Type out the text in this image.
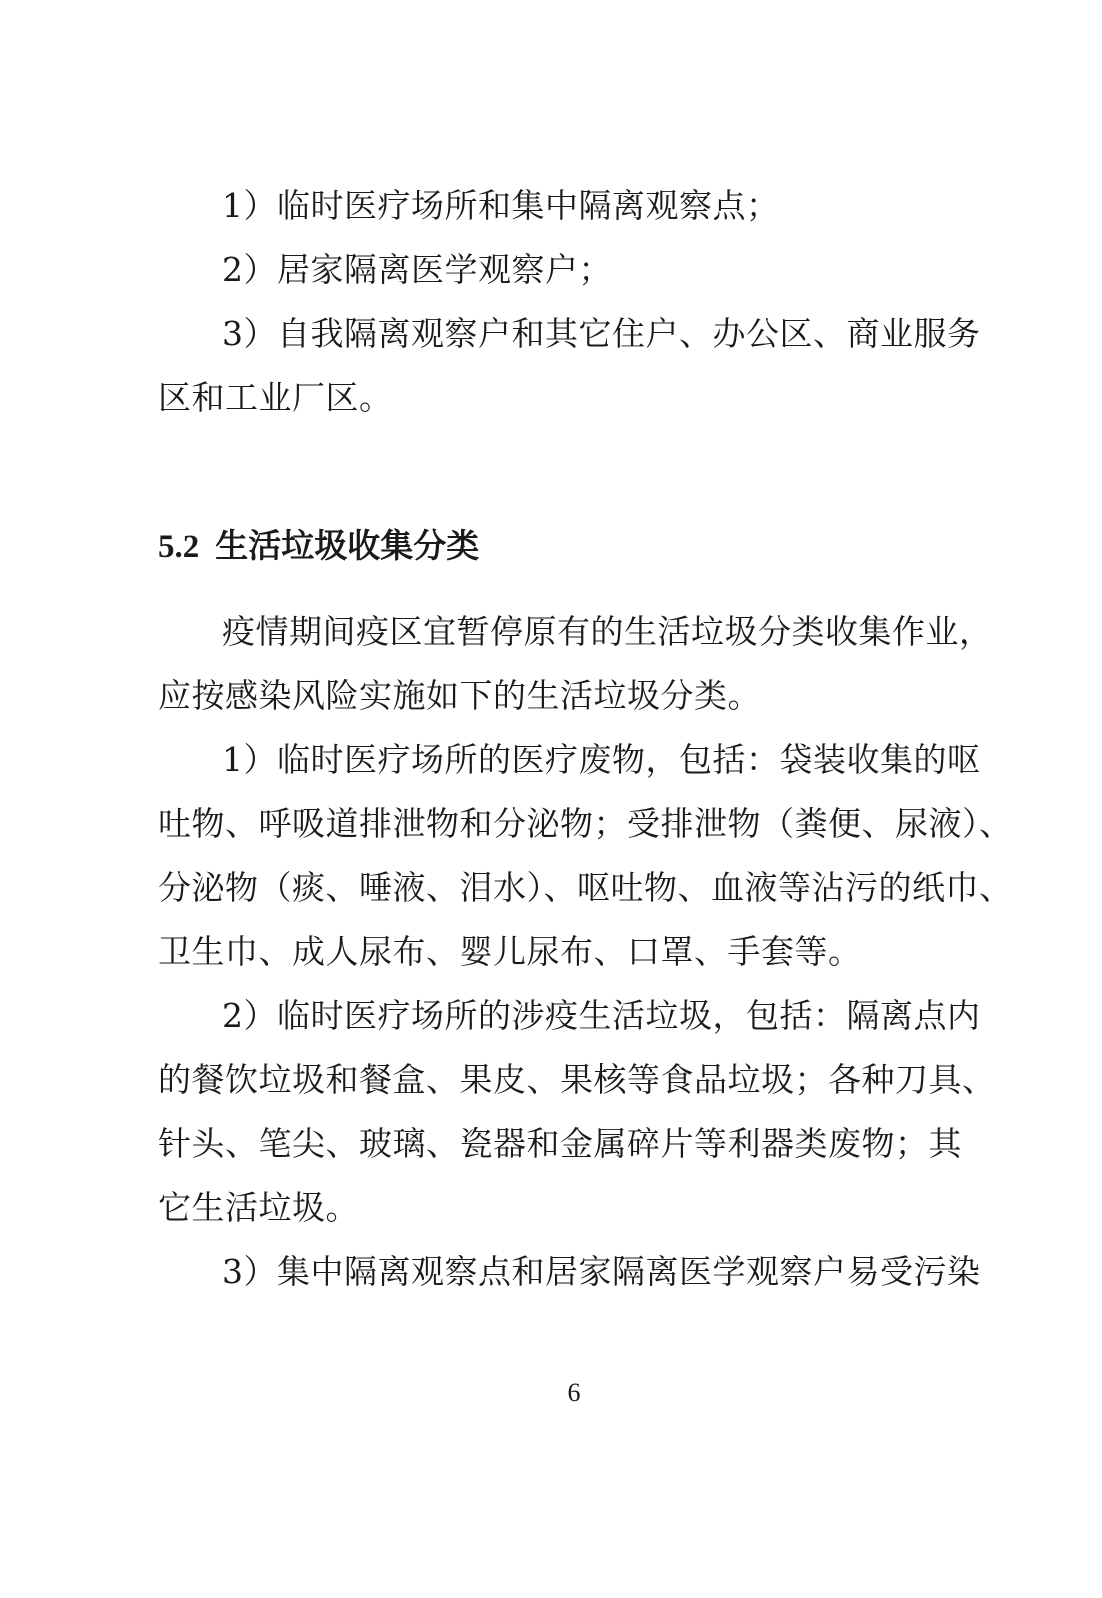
1）临时医疗场所和集中隔离观察点；
2）居家隔离医学观察户；
3）自我隔离观察户和其它住户、办公区、商业服务
区和工业厂区。
5.2 生活垃圾收集分类
疫情期间疫区宜暂停原有的生活垃圾分类收集作业，
应按感染风险实施如下的生活垃圾分类。
1）临时医疗场所的医疗废物，包括：袋装收集的呕
吐物、呼吸道排泄物和分泌物；受排泄物（粪便、尿液）、
分泌物（痰、唾液、泪水）、呕吐物、血液等沾污的纸巾、
卫生巾、成人尿布、婴儿尿布、口罩、手套等。
2）临时医疗场所的涉疫生活垃圾，包括：隔离点内
的餐饮垃圾和餐盒、果皮、果核等食品垃圾；各种刀具、
针头、笔尖、玻璃、瓷器和金属碎片等利器类废物；其
它生活垃圾。
3）集中隔离观察点和居家隔离医学观察户易受污染
6
